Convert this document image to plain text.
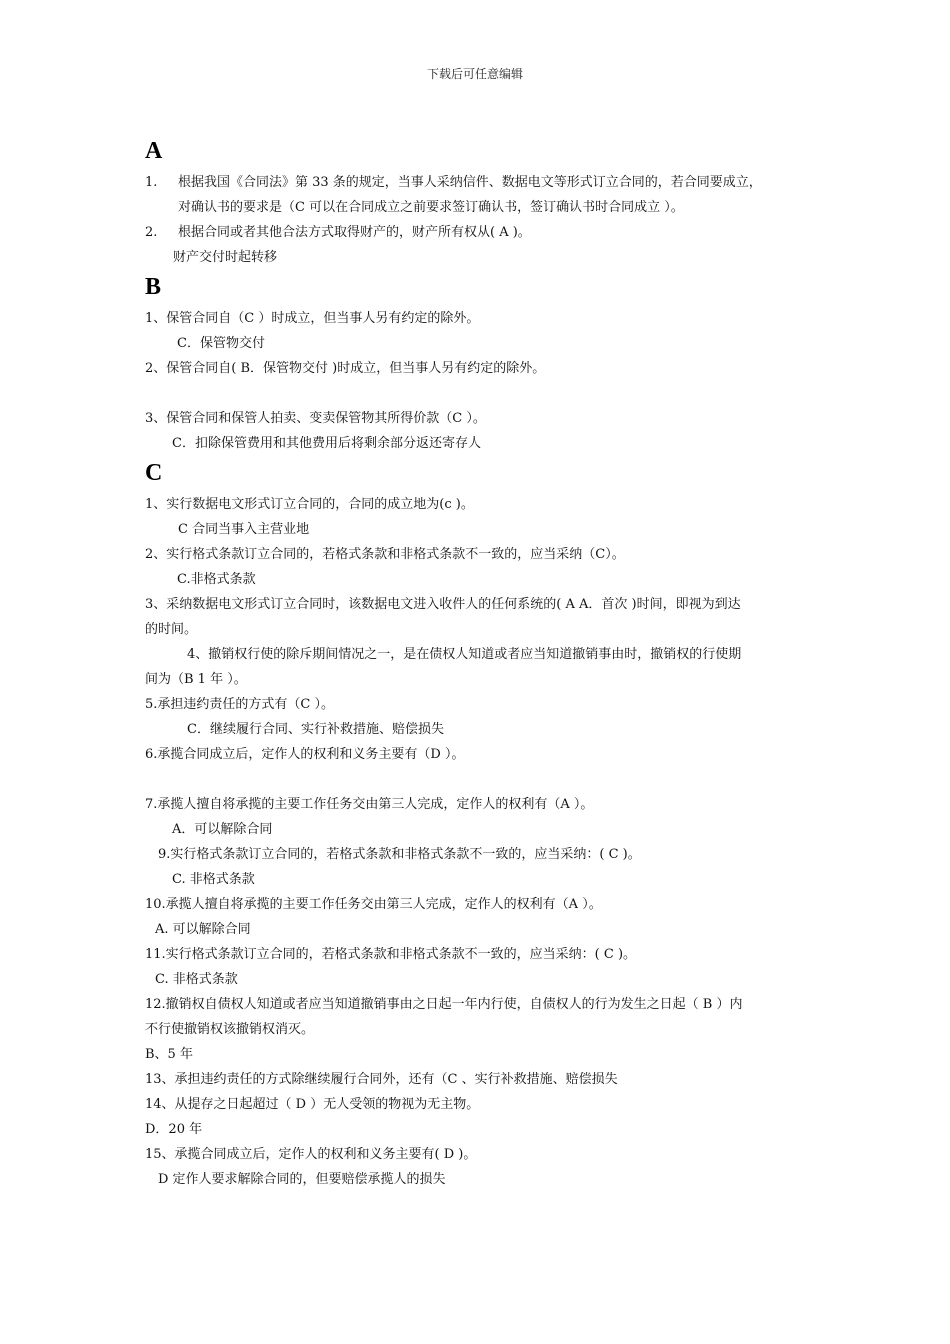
下载后可任意编辑
A
1. 根据我国《合同法》第 33 条的规定，当事人采纳信件、数据电文等形式订立合同的，若合同要成立，
对确认书的要求是（C 可以在合同成立之前要求签订确认书，签订确认书时合同成立 ）。
2. 根据合同或者其他合法方式取得财产的，财产所有权从( A )。
财产交付时起转移
B
1、保管合同自（C ）时成立，但当事人另有约定的除外。
C．保管物交付
2、保管合同自( B．保管物交付 )时成立，但当事人另有约定的除外。
3、保管合同和保管人拍卖、变卖保管物其所得价款（C ）。
C．扣除保管费用和其他费用后将剩余部分返还寄存人
C
1、实行数据电文形式订立合同的，合同的成立地为(c )。
C 合同当事入主营业地
2、实行格式条款订立合同的，若格式条款和非格式条款不一致的，应当采纳（C）。
C.非格式条款
3、采纳数据电文形式订立合同时，该数据电文进入收件人的任何系统的( A A．首次 )时间，即视为到达
的时间。
4、撤销权行使的除斥期间情况之一，是在债权人知道或者应当知道撤销事由时，撤销权的行使期
间为（B 1 年 ）。
5.承担违约责任的方式有（C ）。
C．继续履行合同、实行补救措施、赔偿损失
6.承揽合同成立后，定作人的权利和义务主要有（D ）。
7.承揽人擅自将承揽的主要工作任务交由第三人完成，定作人的权利有（A ）。
A．可以解除合同
9.实行格式条款订立合同的，若格式条款和非格式条款不一致的，应当采纳：( C )。
C. 非格式条款
10.承揽人擅自将承揽的主要工作任务交由第三人完成，定作人的权利有（A ）。
A. 可以解除合同
11.实行格式条款订立合同的，若格式条款和非格式条款不一致的，应当采纳：( C )。
C. 非格式条款
12.撤销权自债权人知道或者应当知道撤销事由之日起一年内行使，自债权人的行为发生之日起（ B ）内
不行使撤销权该撤销权消灭。
B、5 年
13、承担违约责任的方式除继续履行合同外，还有（C 、实行补救措施、赔偿损失
14、从提存之日起超过（ D ）无人受领的物视为无主物。
D．20 年
15、承揽合同成立后，定作人的权利和义务主要有( D )。
D 定作人要求解除合同的，但要赔偿承揽人的损失
